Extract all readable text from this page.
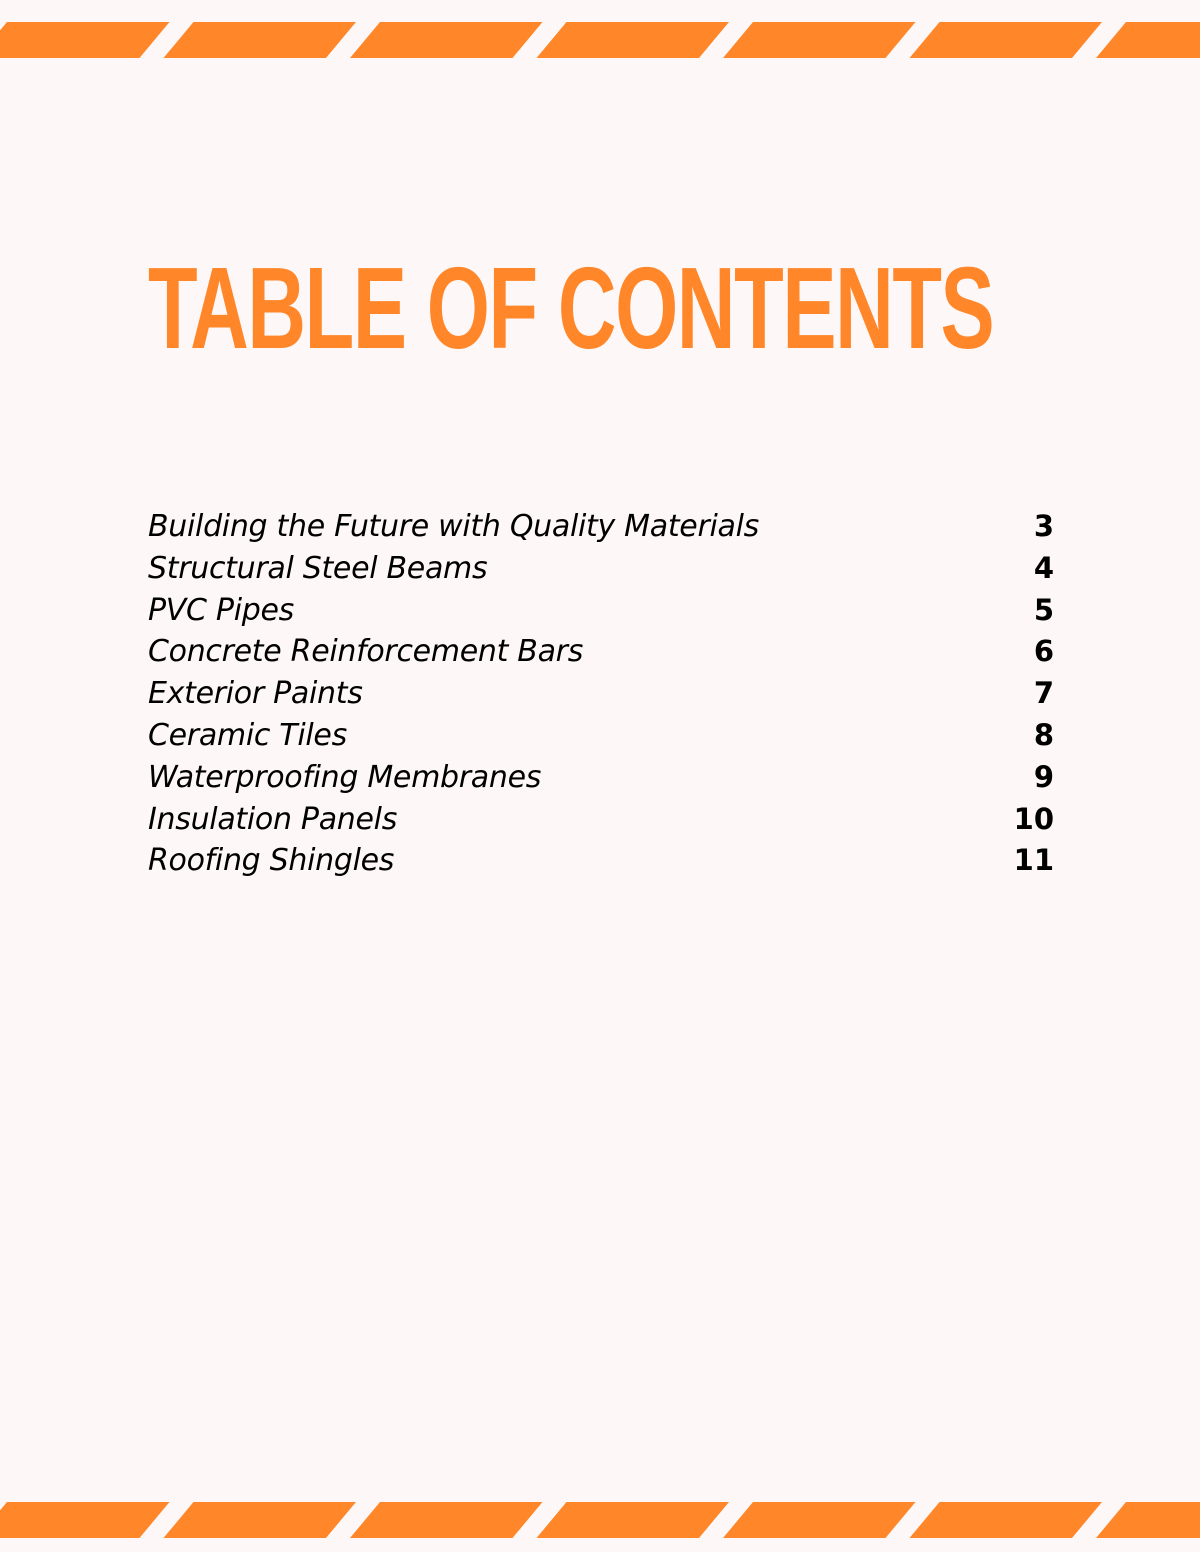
TABLE OF CONTENTS
Building the Future with Quality Materials	3
Structural Steel Beams	4
PVC Pipes	5
Concrete Reinforcement Bars	6
Exterior Paints	7
Ceramic Tiles	8
Waterproofing Membranes	9
Insulation Panels	10
Roofing Shingles	11
